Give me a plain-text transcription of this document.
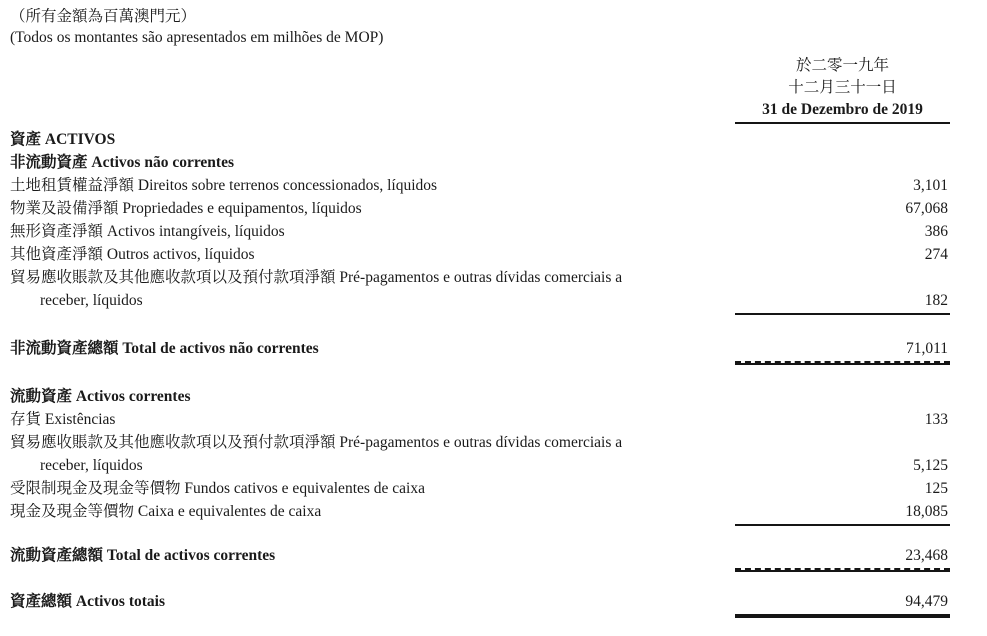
（所有金額為百萬澳門元）
(Todos os montantes são apresentados em milhões de MOP)
於二零一九年
十二月三十一日
31 de Dezembro de 2019
資產 ACTIVOS
非流動資產 Activos não correntes
土地租賃權益淨額 Direitos sobre terrenos concessionados, líquidos	3,101
物業及設備淨額 Propriedades e equipamentos, líquidos	67,068
無形資產淨額 Activos intangíveis, líquidos	386
其他資產淨額 Outros activos, líquidos	274
貿易應收賬款及其他應收款項以及預付款項淨額 Pré-pagamentos e outras dívidas comerciais a
receber, líquidos	182
非流動資產總額 Total de activos não correntes	71,011
流動資產 Activos correntes
存貨 Existências	133
貿易應收賬款及其他應收款項以及預付款項淨額 Pré-pagamentos e outras dívidas comerciais a
receber, líquidos	5,125
受限制現金及現金等價物 Fundos cativos e equivalentes de caixa	125
現金及現金等價物 Caixa e equivalentes de caixa	18,085
流動資產總額 Total de activos correntes	23,468
資產總額 Activos totais	94,479
